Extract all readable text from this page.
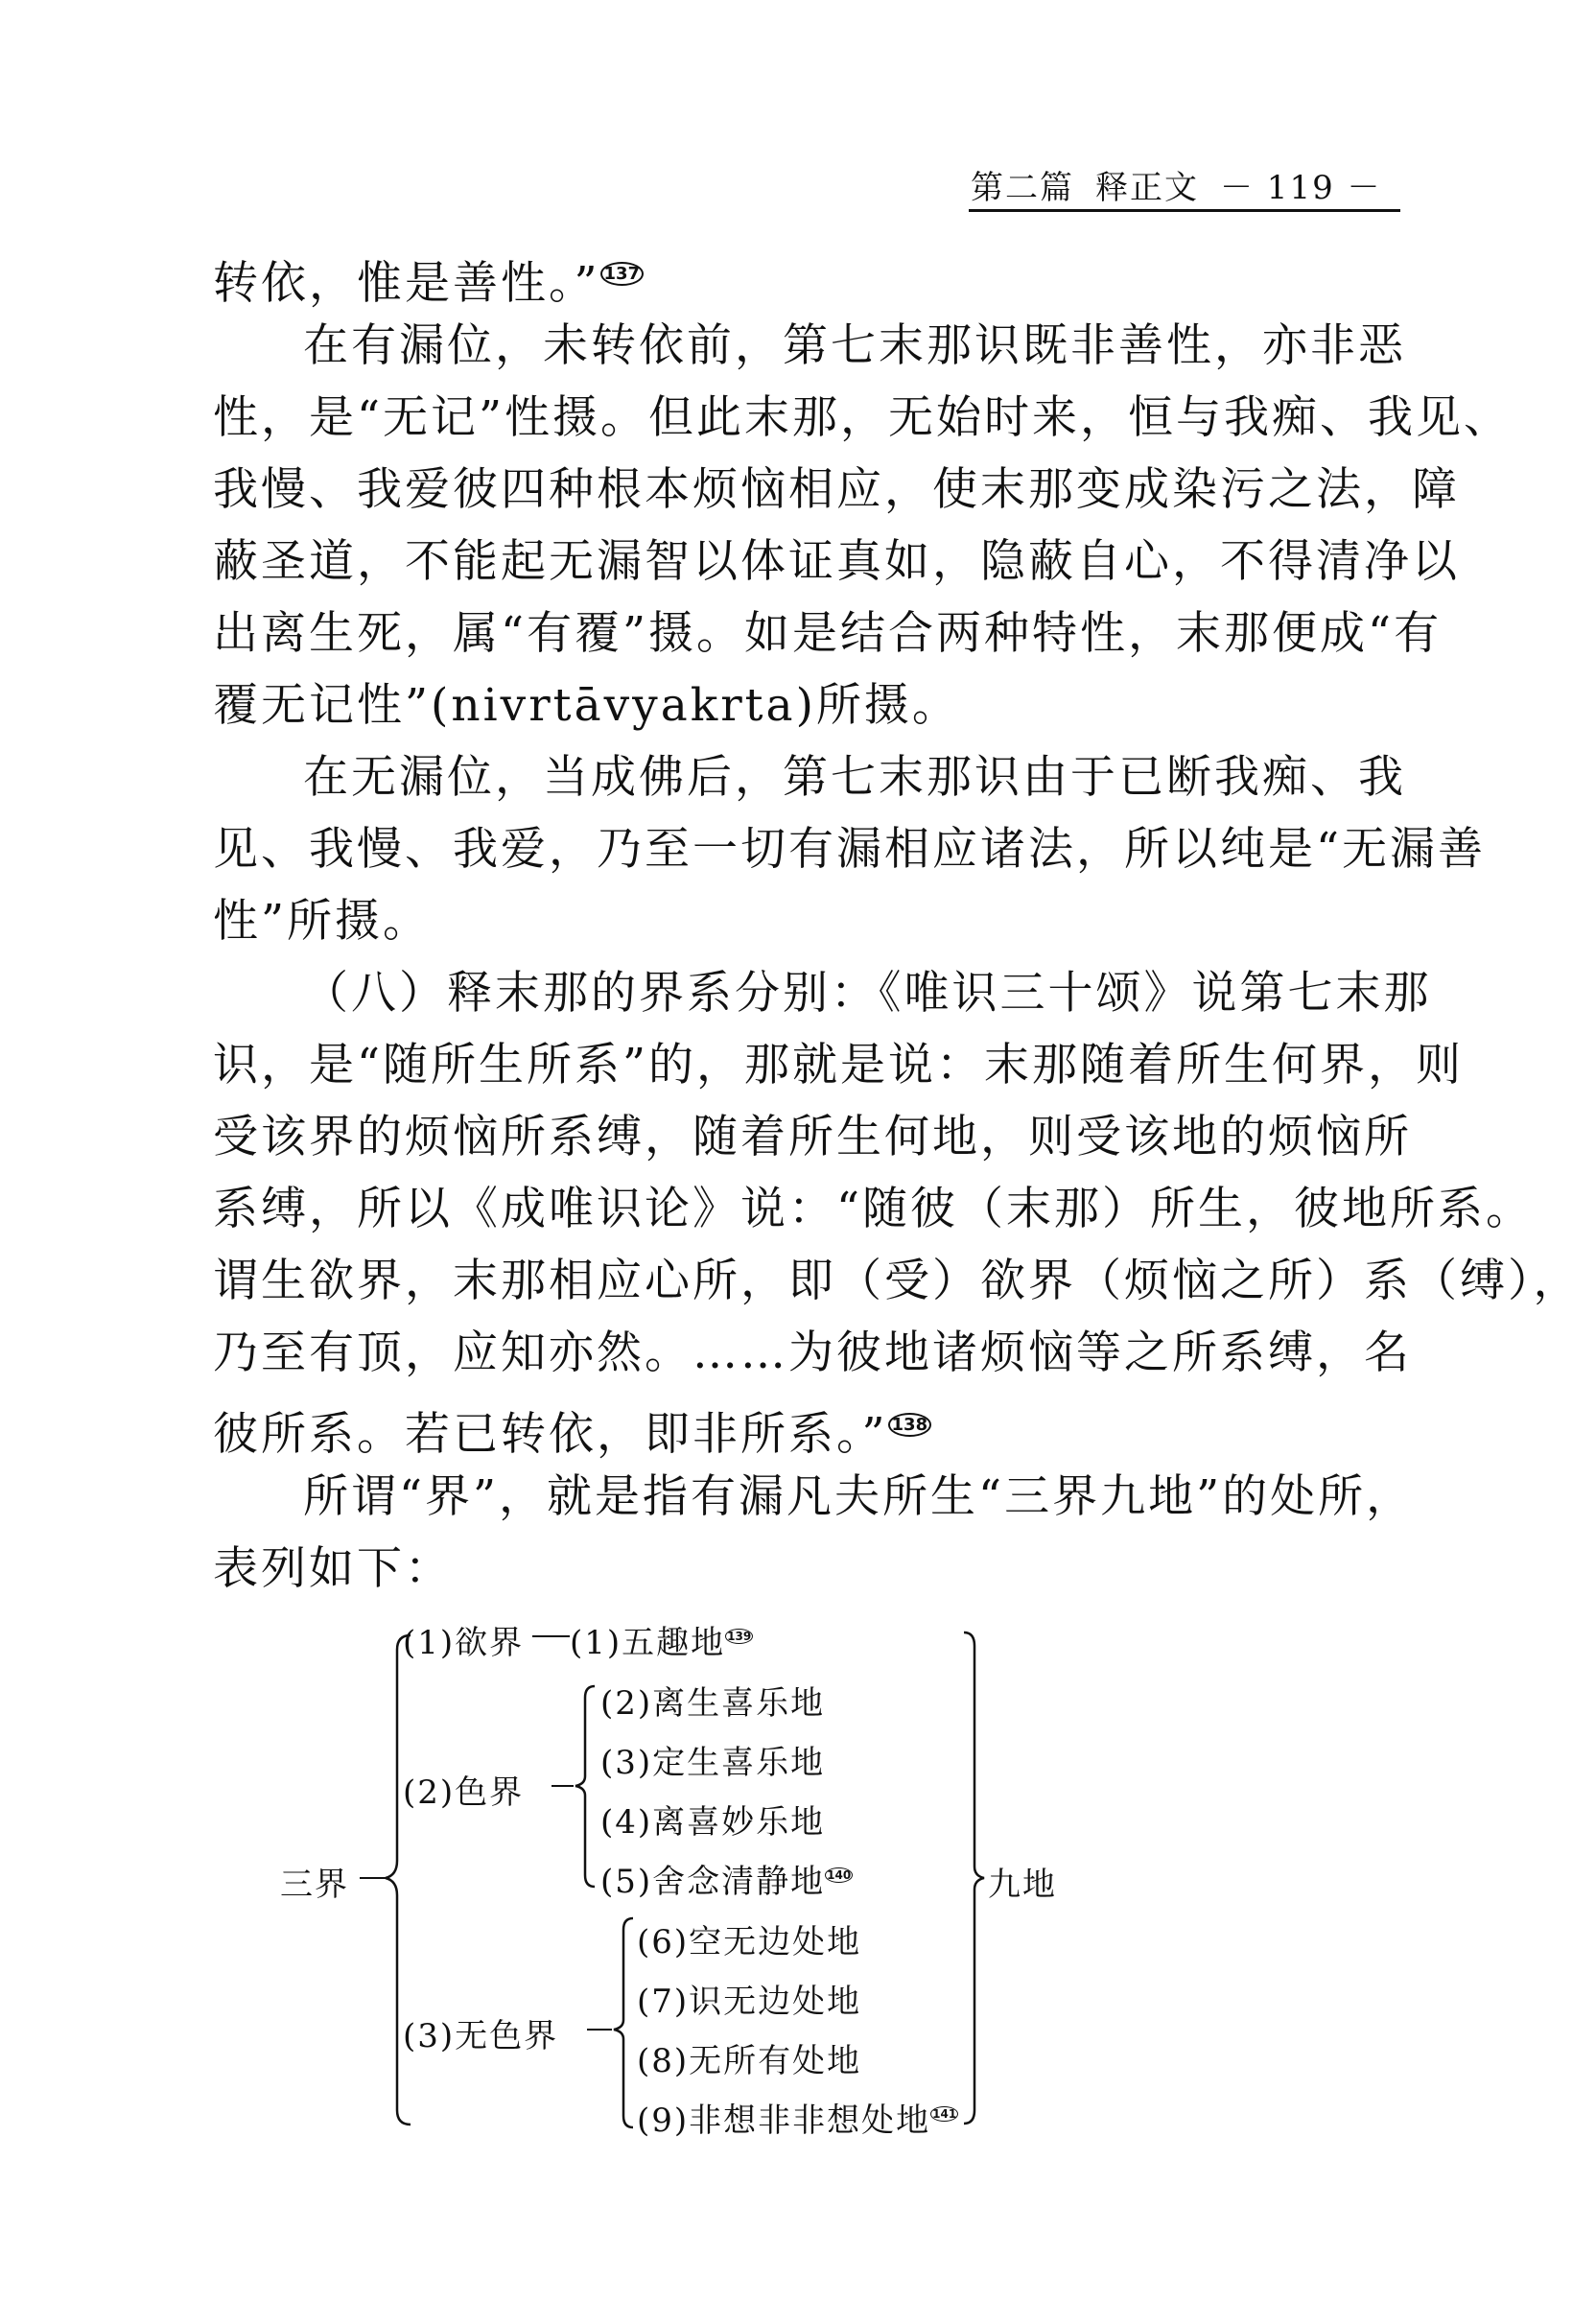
第二篇 释正文 － 119 －
转依，惟是善性。” $^{137}$
在有漏位，未转依前，第七末那识既非善性，亦非恶
性，是“无记”性摄。但此末那，无始时来，恒与我痴、我见、
我慢、我爱彼四种根本烦恼相应，使末那变成染污之法，障
蔽圣道，不能起无漏智以体证真如，隐蔽自心，不得清净以
出离生死，属“有覆”摄。如是结合两种特性，末那便成“有
覆无记性”(nivrtāvyakrta)所摄。
在无漏位，当成佛后，第七末那识由于已断我痴、我
见、我慢、我爱，乃至一切有漏相应诸法，所以纯是“无漏善
性”所摄。
（八）释末那的界系分别：《唯识三十颂》说第七末那
识，是“随所生所系”的，那就是说：末那随着所生何界，则
受该界的烦恼所系缚，随着所生何地，则受该地的烦恼所
系缚，所以《成唯识论》说：“随彼（末那）所生，彼地所系。
谓生欲界，末那相应心所，即（受）欲界（烦恼之所）系（缚），
乃至有顶，应知亦然。……为彼地诸烦恼等之所系缚，名
彼所系。若已转依，即非所系。” $^{138}$
所谓“界”，就是指有漏凡夫所生“三界九地”的处所，
表列如下：
三界	九地
(1)欲界 (1)五趣地 $^{139}$
(2)色界
(2)离生喜乐地
(3)定生喜乐地
(4)离喜妙乐地
(5)舍念清静地 $^{140}$
(3)无色界
(6)空无边处地
(7)识无边处地
(8)无所有处地
(9)非想非非想处地 $^{141}$
